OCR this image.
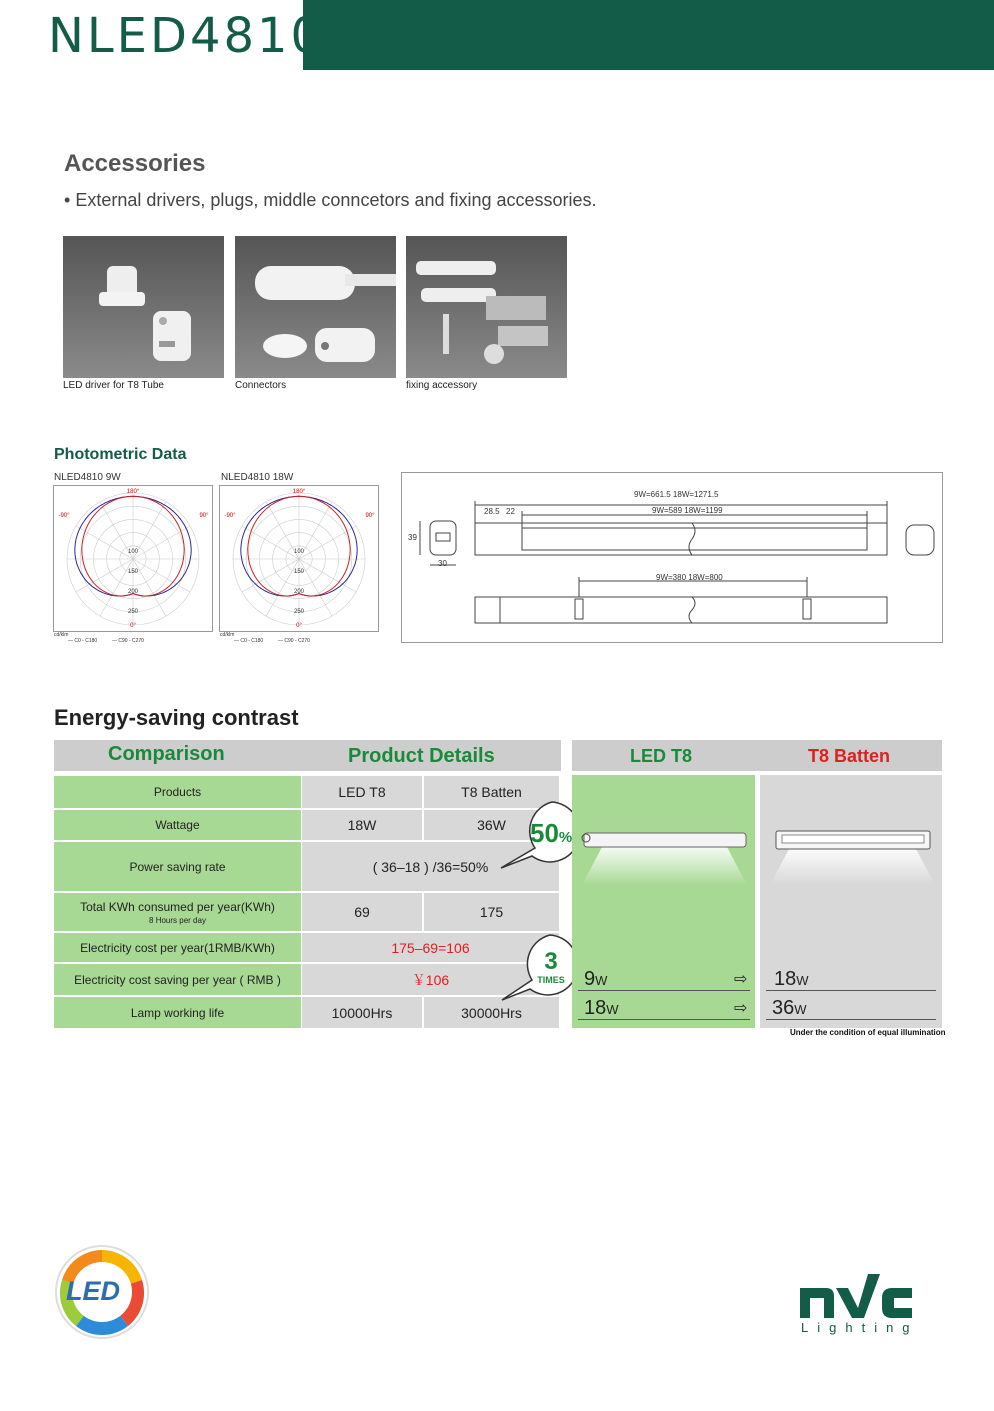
NLED4810
Accessories
• External drivers, plugs, middle conncetors and fixing accessories.
LED driver for T8 Tube	Connectors	fixing accessory
Photometric Data
NLED4810 9W	NLED4810 18W
180°
-90°	90°
0°
100
150
200
250
180°
-90°	90°
0°
100
150
200
250
cd/klm
— C0 - C180	— C90 - C270
cd/klm
— C0 - C180	— C90 - C270
9W=661.5 18W=1271.5
9W=589 18W=1199
9W=380 18W=800
28.5 22
39
30
Energy-saving contrast
Comparison	Product Details	LED T8	T8 Batten
Products	LED T8	T8 Batten
Wattage	18W	36W
Power saving rate	( 36–18 ) /36=50%
Total KWh consumed per year(KWh)
8 Hours per day	69	175
Electricity cost per year(1RMB/KWh)	175–69=106
Electricity cost saving per year ( RMB )	￥106
Lamp working life	10000Hrs	30000Hrs
50%
3
TIMES 9W	⇨ 18W
18W	⇨ 36W
Under the condition of equal illumination
LED
Lighting
